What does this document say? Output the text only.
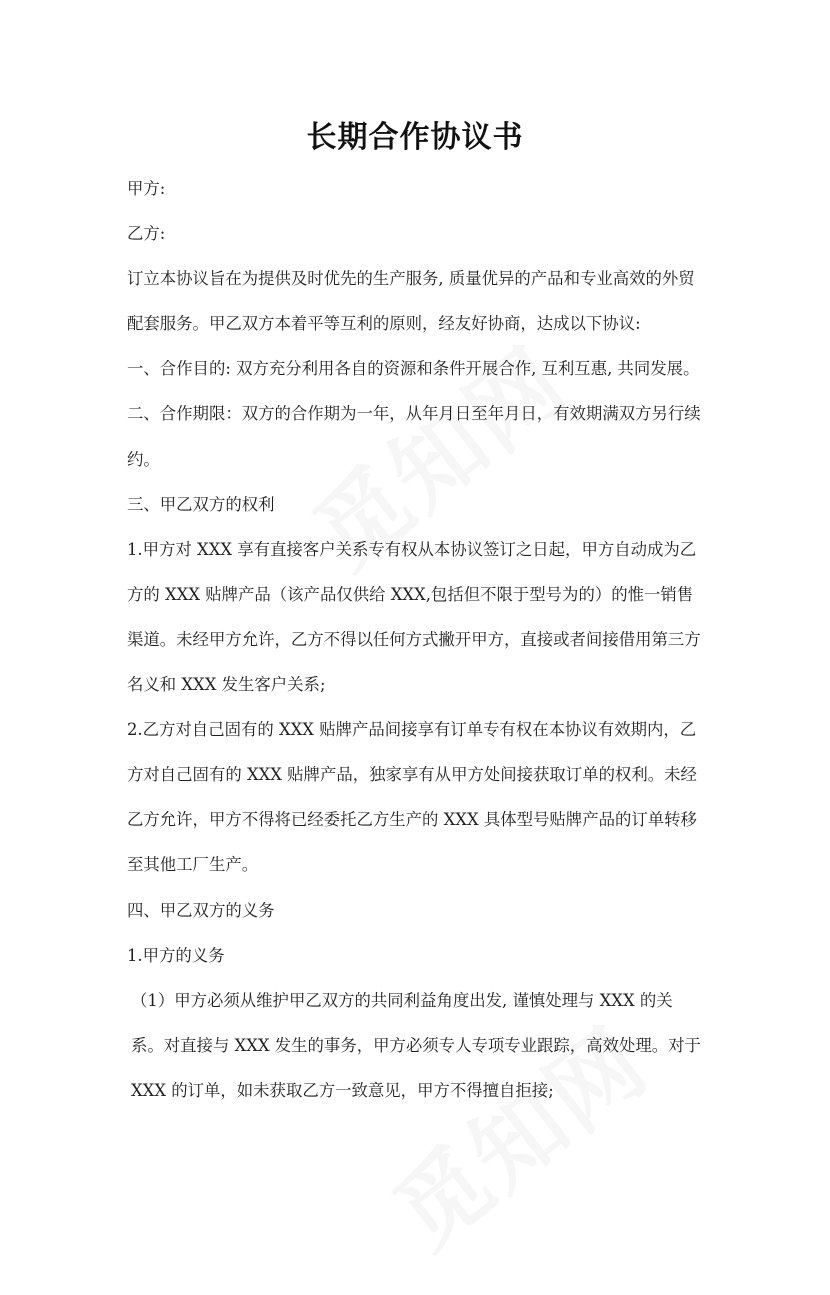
长期合作协议书

甲方:

乙方:

订立本协议旨在为提供及时优先的生产服务, 质量优异的产品和专业高效的外贸配套服务。甲乙双方本着平等互利的原则，经友好协商，达成以下协议:

一、合作目的: 双方充分利用各自的资源和条件开展合作, 互利互惠, 共同发展。

二、合作期限：双方的合作期为一年，从年月日至年月日，有效期满双方另行续约。

三、甲乙双方的权利

1.甲方对 XXX 享有直接客户关系专有权从本协议签订之日起，甲方自动成为乙方的 XXX 贴牌产品（该产品仅供给 XXX,包括但不限于型号为的）的惟一销售渠道。未经甲方允许，乙方不得以任何方式撇开甲方，直接或者间接借用第三方名义和 XXX 发生客户关系;

2.乙方对自己固有的 XXX 贴牌产品间接享有订单专有权在本协议有效期内，乙方对自己固有的 XXX 贴牌产品，独家享有从甲方处间接获取订单的权利。未经乙方允许，甲方不得将已经委托乙方生产的 XXX 具体型号贴牌产品的订单转移至其他工厂生产。

四、甲乙双方的义务

1.甲方的义务

（1）甲方必须从维护甲乙双方的共同利益角度出发, 谨慎处理与 XXX 的关系。对直接与 XXX 发生的事务，甲方必须专人专项专业跟踪，高效处理。对于 XXX 的订单，如未获取乙方一致意见，甲方不得擅自拒接;
